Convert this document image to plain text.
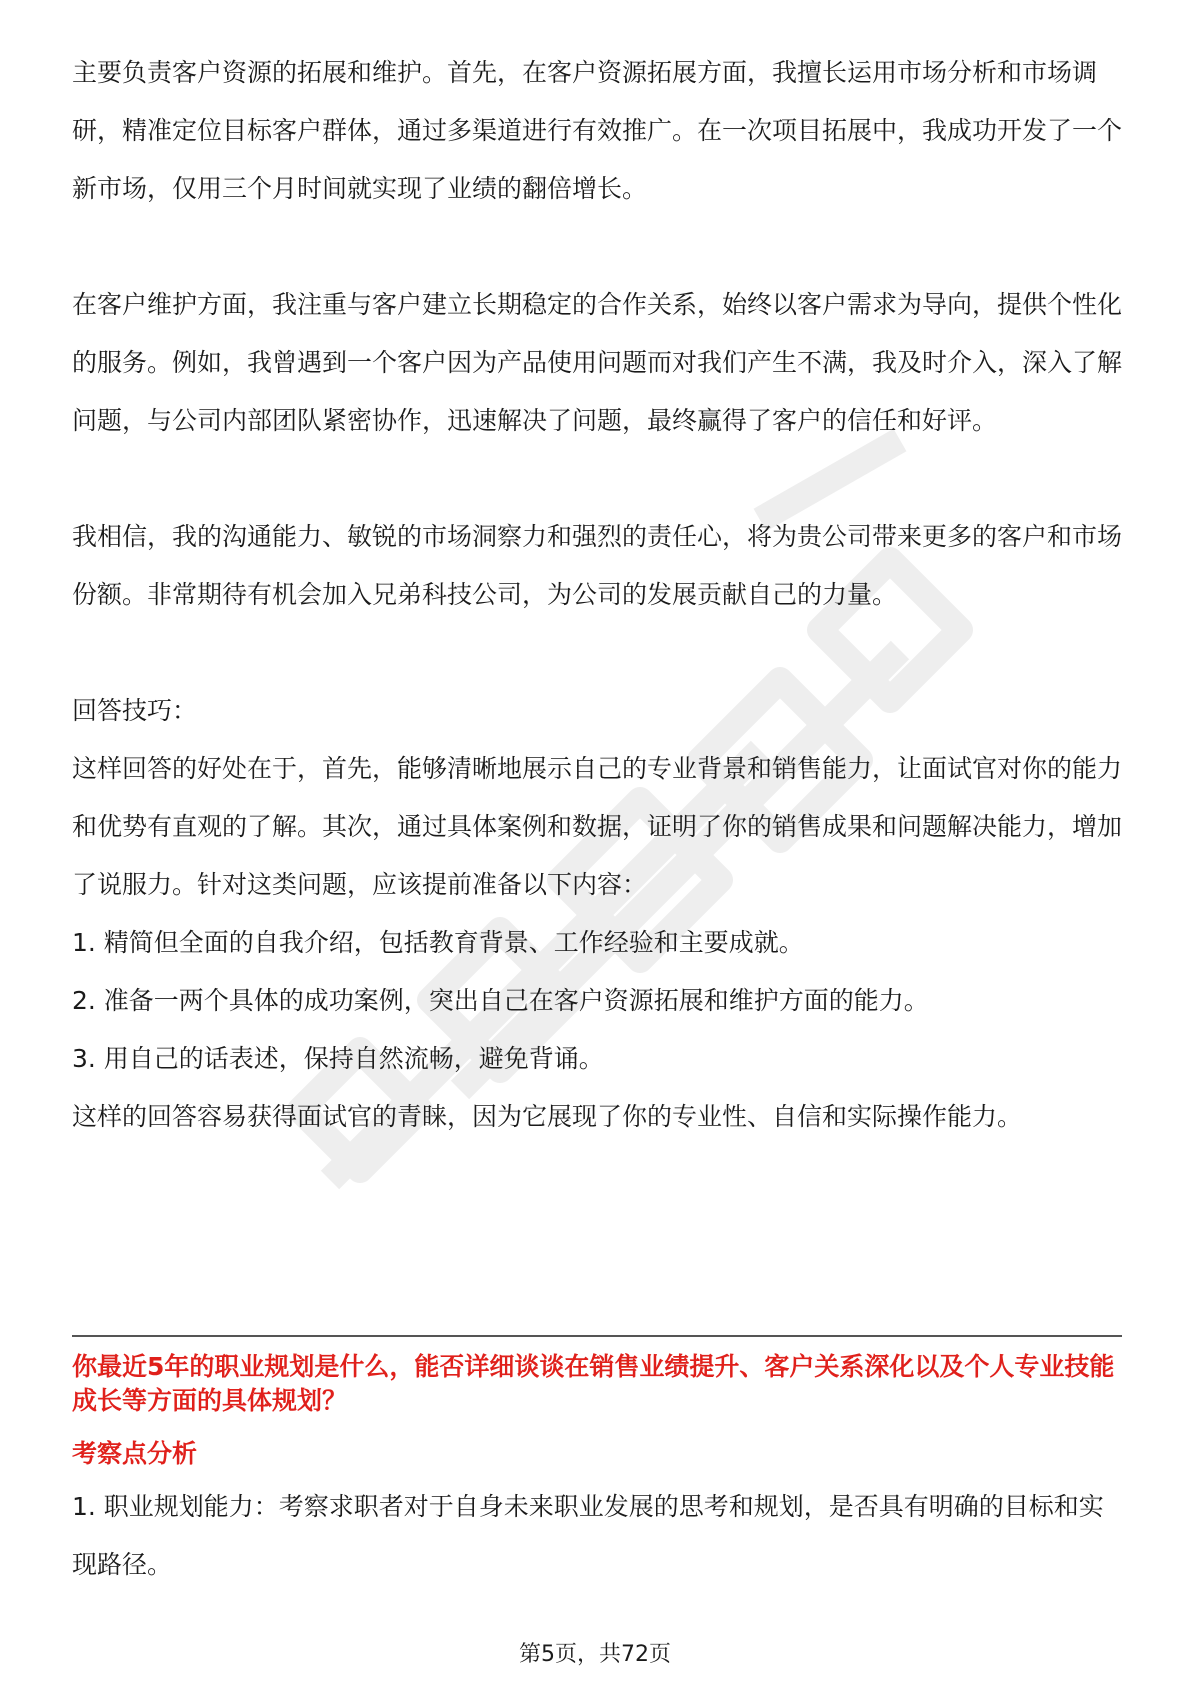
主要负责客户资源的拓展和维护。首先，在客户资源拓展方面，我擅长运用市场分析和市场调研，精准定位目标客户群体，通过多渠道进行有效推广。在一次项目拓展中，我成功开发了一个新市场，仅用三个月时间就实现了业绩的翻倍增长。

在客户维护方面，我注重与客户建立长期稳定的合作关系，始终以客户需求为导向，提供个性化的服务。例如，我曾遇到一个客户因为产品使用问题而对我们产生不满，我及时介入，深入了解问题，与公司内部团队紧密协作，迅速解决了问题，最终赢得了客户的信任和好评。

我相信，我的沟通能力、敏锐的市场洞察力和强烈的责任心，将为贵公司带来更多的客户和市场份额。非常期待有机会加入兄弟科技公司，为公司的发展贡献自己的力量。

回答技巧：

这样回答的好处在于，首先，能够清晰地展示自己的专业背景和销售能力，让面试官对你的能力和优势有直观的了解。其次，通过具体案例和数据，证明了你的销售成果和问题解决能力，增加了说服力。针对这类问题，应该提前准备以下内容：

1. 精简但全面的自我介绍，包括教育背景、工作经验和主要成就。

2. 准备一两个具体的成功案例，突出自己在客户资源拓展和维护方面的能力。

3. 用自己的话表述，保持自然流畅，避免背诵。

这样的回答容易获得面试官的青睐，因为它展现了你的专业性、自信和实际操作能力。

你最近5年的职业规划是什么，能否详细谈谈在销售业绩提升、客户关系深化以及个人专业技能成长等方面的具体规划？

考察点分析

1. 职业规划能力：考察求职者对于自身未来职业发展的思考和规划，是否具有明确的目标和实现路径。

第5页，共72页
